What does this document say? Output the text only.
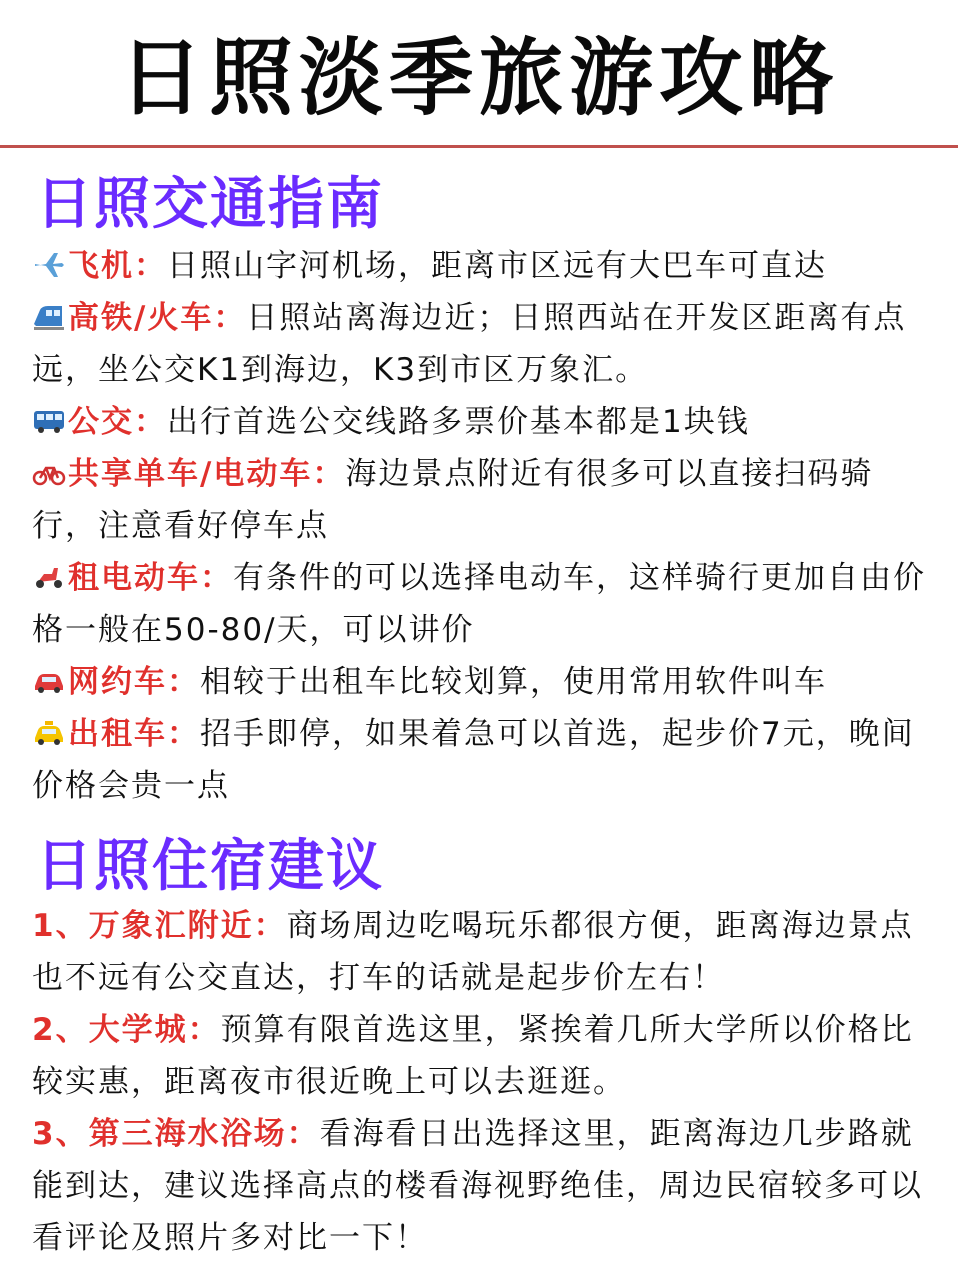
日照淡季旅游攻略
日照交通指南

飞机：日照山字河机场，距离市区远有大巴车可直达

高铁/火车：日照站离海边近；日照西站在开发区距离有点远，坐公交K1到海边，K3到市区万象汇。

公交：出行首选公交线路多票价基本都是1块钱

共享单车/电动车：海边景点附近有很多可以直接扫码骑行，注意看好停车点

租电动车：有条件的可以选择电动车，这样骑行更加自由价格一般在50-80/天，可以讲价

网约车：相较于出租车比较划算，使用常用软件叫车

出租车：招手即停，如果着急可以首选，起步价7元，晚间价格会贵一点

日照住宿建议

1、万象汇附近：商场周边吃喝玩乐都很方便，距离海边景点也不远有公交直达，打车的话就是起步价左右！

2、大学城：预算有限首选这里，紧挨着几所大学所以价格比较实惠，距离夜市很近晚上可以去逛逛。

3、第三海水浴场：看海看日出选择这里，距离海边几步路就能到达，建议选择高点的楼看海视野绝佳，周边民宿较多可以看评论及照片多对比一下！
